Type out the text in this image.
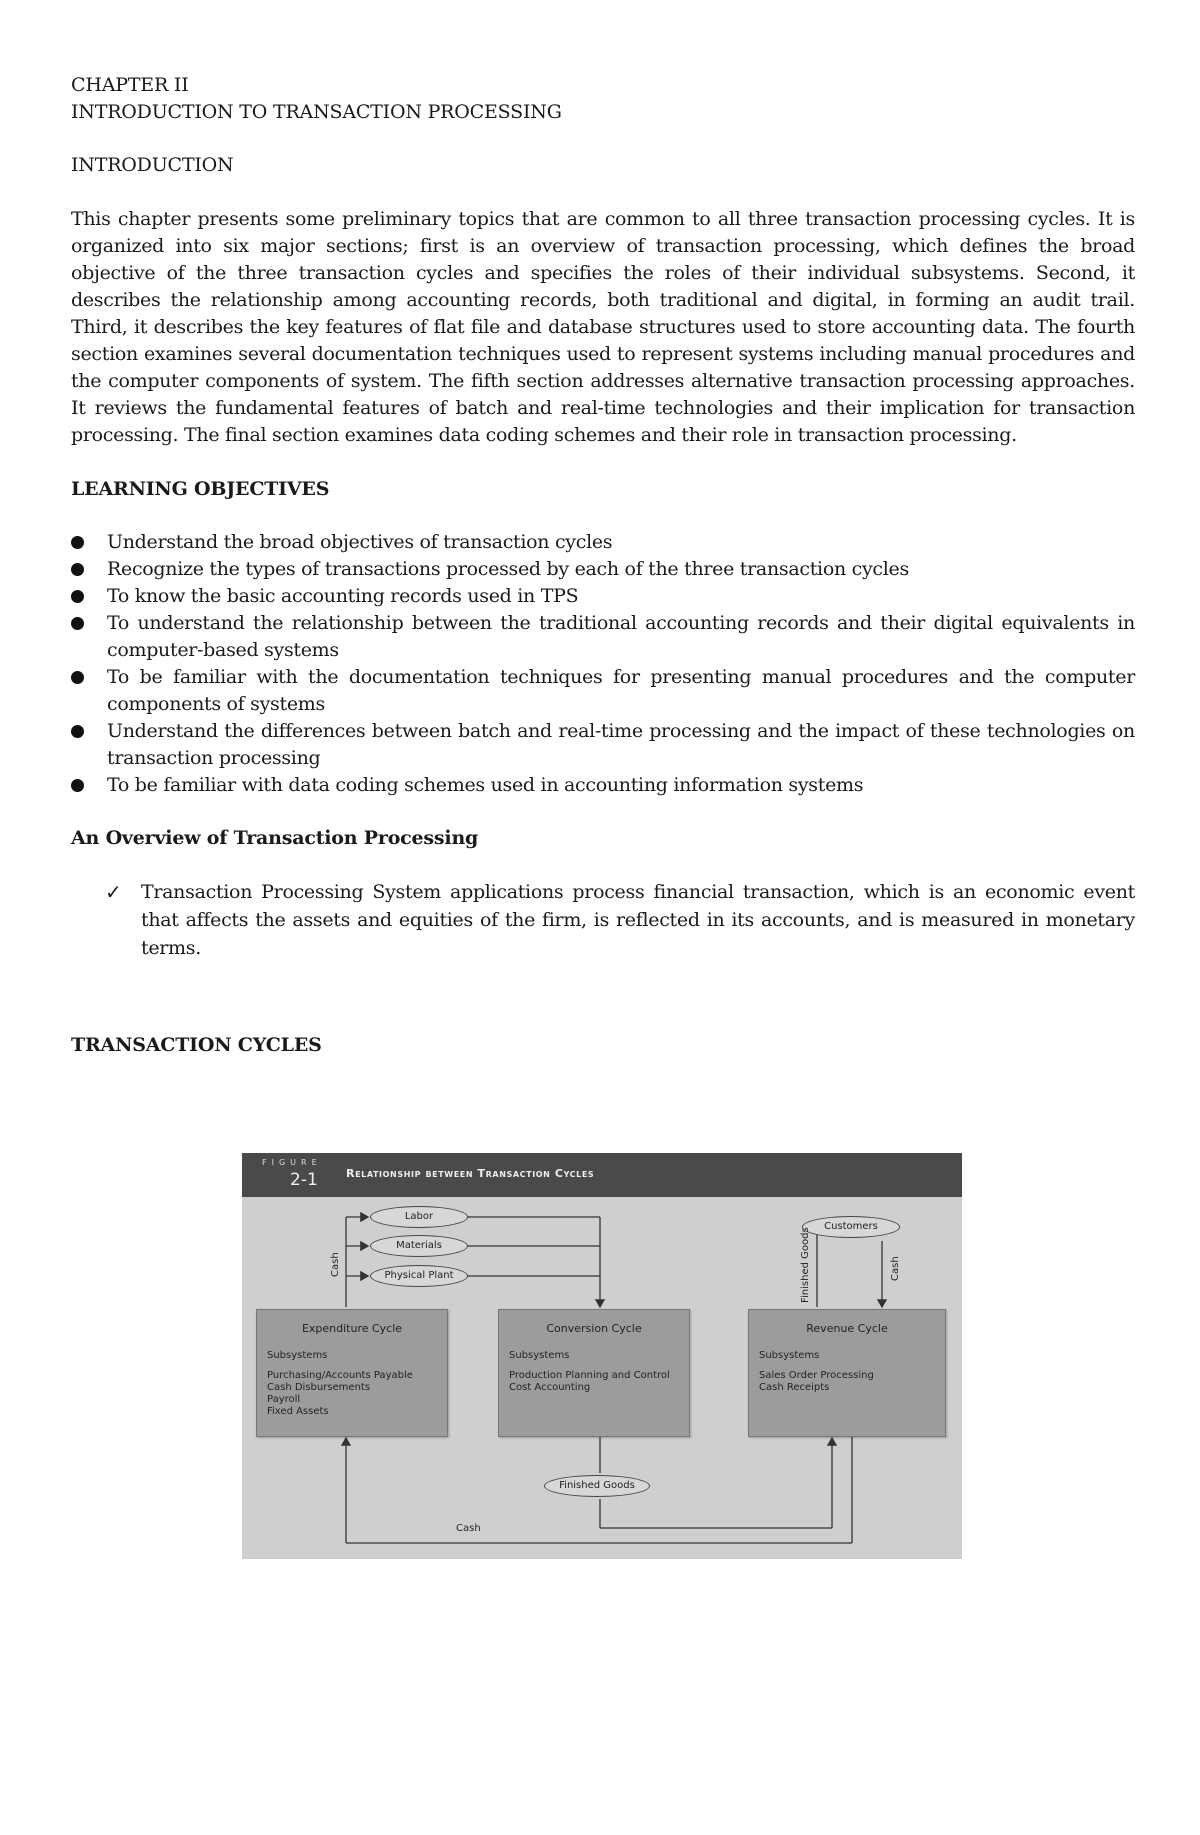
CHAPTER II

INTRODUCTION TO TRANSACTION PROCESSING

INTRODUCTION

This chapter presents some preliminary topics that are common to all three transaction processing cycles. It is organized into six major sections; first is an overview of transaction processing, which defines the broad objective of the three transaction cycles and specifies the roles of their individual subsystems. Second, it describes the relationship among accounting records, both traditional and digital, in forming an audit trail. Third, it describes the key features of flat file and database structures used to store accounting data. The fourth section examines several documentation techniques used to represent systems including manual procedures and the computer components of system. The fifth section addresses alternative transaction processing approaches. It reviews the fundamental features of batch and real-time technologies and their implication for transaction processing. The final section examines data coding schemes and their role in transaction processing.

LEARNING OBJECTIVES

Understand the broad objectives of transaction cycles
Recognize the types of transactions processed by each of the three transaction cycles
To know the basic accounting records used in TPS
To understand the relationship between the traditional accounting records and their digital equivalents in computer-based systems
To be familiar with the documentation techniques for presenting manual procedures and the computer components of systems
Understand the differences between batch and real-time processing and the impact of these technologies on transaction processing
To be familiar with data coding schemes used in accounting information systems

An Overview of Transaction Processing

✓ Transaction Processing System applications process financial transaction, which is an economic event that affects the assets and equities of the firm, is reflected in its accounts, and is measured in monetary terms.

TRANSACTION CYCLES

FIGURE
2-1	Relationship between Transaction Cycles
Labor
Materials
Physical Plant
Customers
Finished Goods
Cash	Finished Goods	Cash
Cash
Expenditure Cycle
Subsystems
Purchasing/Accounts Payable
Cash Disbursements
Payroll
Fixed Assets
Conversion Cycle
Subsystems
Production Planning and Control
Cost Accounting
Revenue Cycle
Subsystems
Sales Order Processing
Cash Receipts
